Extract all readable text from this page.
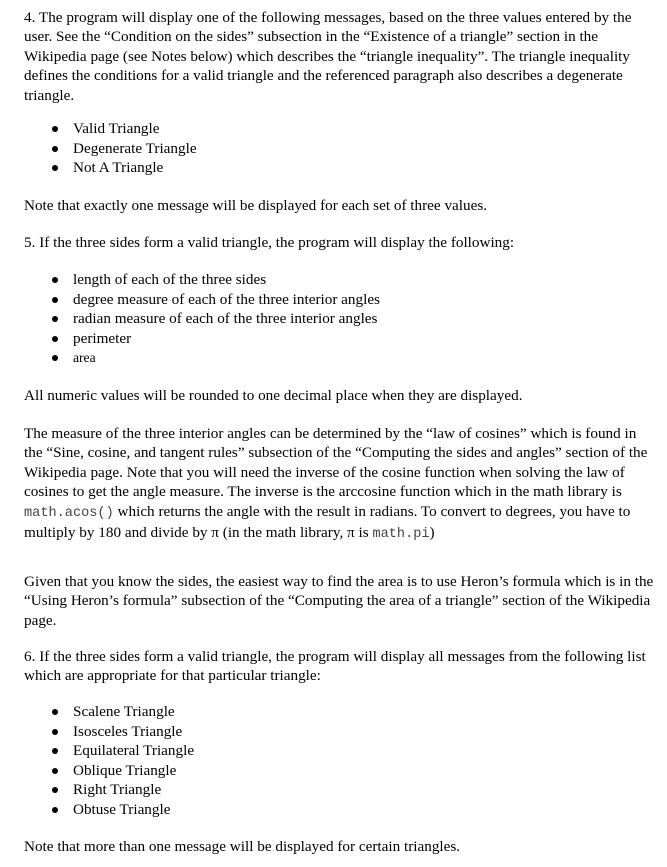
4. The program will display one of the following messages, based on the three values entered by the user. See the “Condition on the sides” subsection in the “Existence of a triangle” section in the Wikipedia page (see Notes below) which describes the “triangle inequality”. The triangle inequality defines the conditions for a valid triangle and the referenced paragraph also describes a degenerate triangle.

Valid Triangle
Degenerate Triangle
Not A Triangle

Note that exactly one message will be displayed for each set of three values.

5. If the three sides form a valid triangle, the program will display the following:

length of each of the three sides
degree measure of each of the three interior angles
radian measure of each of the three interior angles
perimeter
area

All numeric values will be rounded to one decimal place when they are displayed.

The measure of the three interior angles can be determined by the “law of cosines” which is found in the “Sine, cosine, and tangent rules” subsection of the “Computing the sides and angles” section of the Wikipedia page. Note that you will need the inverse of the cosine function when solving the law of cosines to get the angle measure. The inverse is the arccosine function which in the math library is math.acos() which returns the angle with the result in radians. To convert to degrees, you have to multiply by 180 and divide by π (in the math library, π is math.pi)

Given that you know the sides, the easiest way to find the area is to use Heron’s formula which is in the “Using Heron’s formula” subsection of the “Computing the area of a triangle” section of the Wikipedia page.

6. If the three sides form a valid triangle, the program will display all messages from the following list which are appropriate for that particular triangle:

Scalene Triangle
Isosceles Triangle
Equilateral Triangle
Oblique Triangle
Right Triangle
Obtuse Triangle

Note that more than one message will be displayed for certain triangles.
